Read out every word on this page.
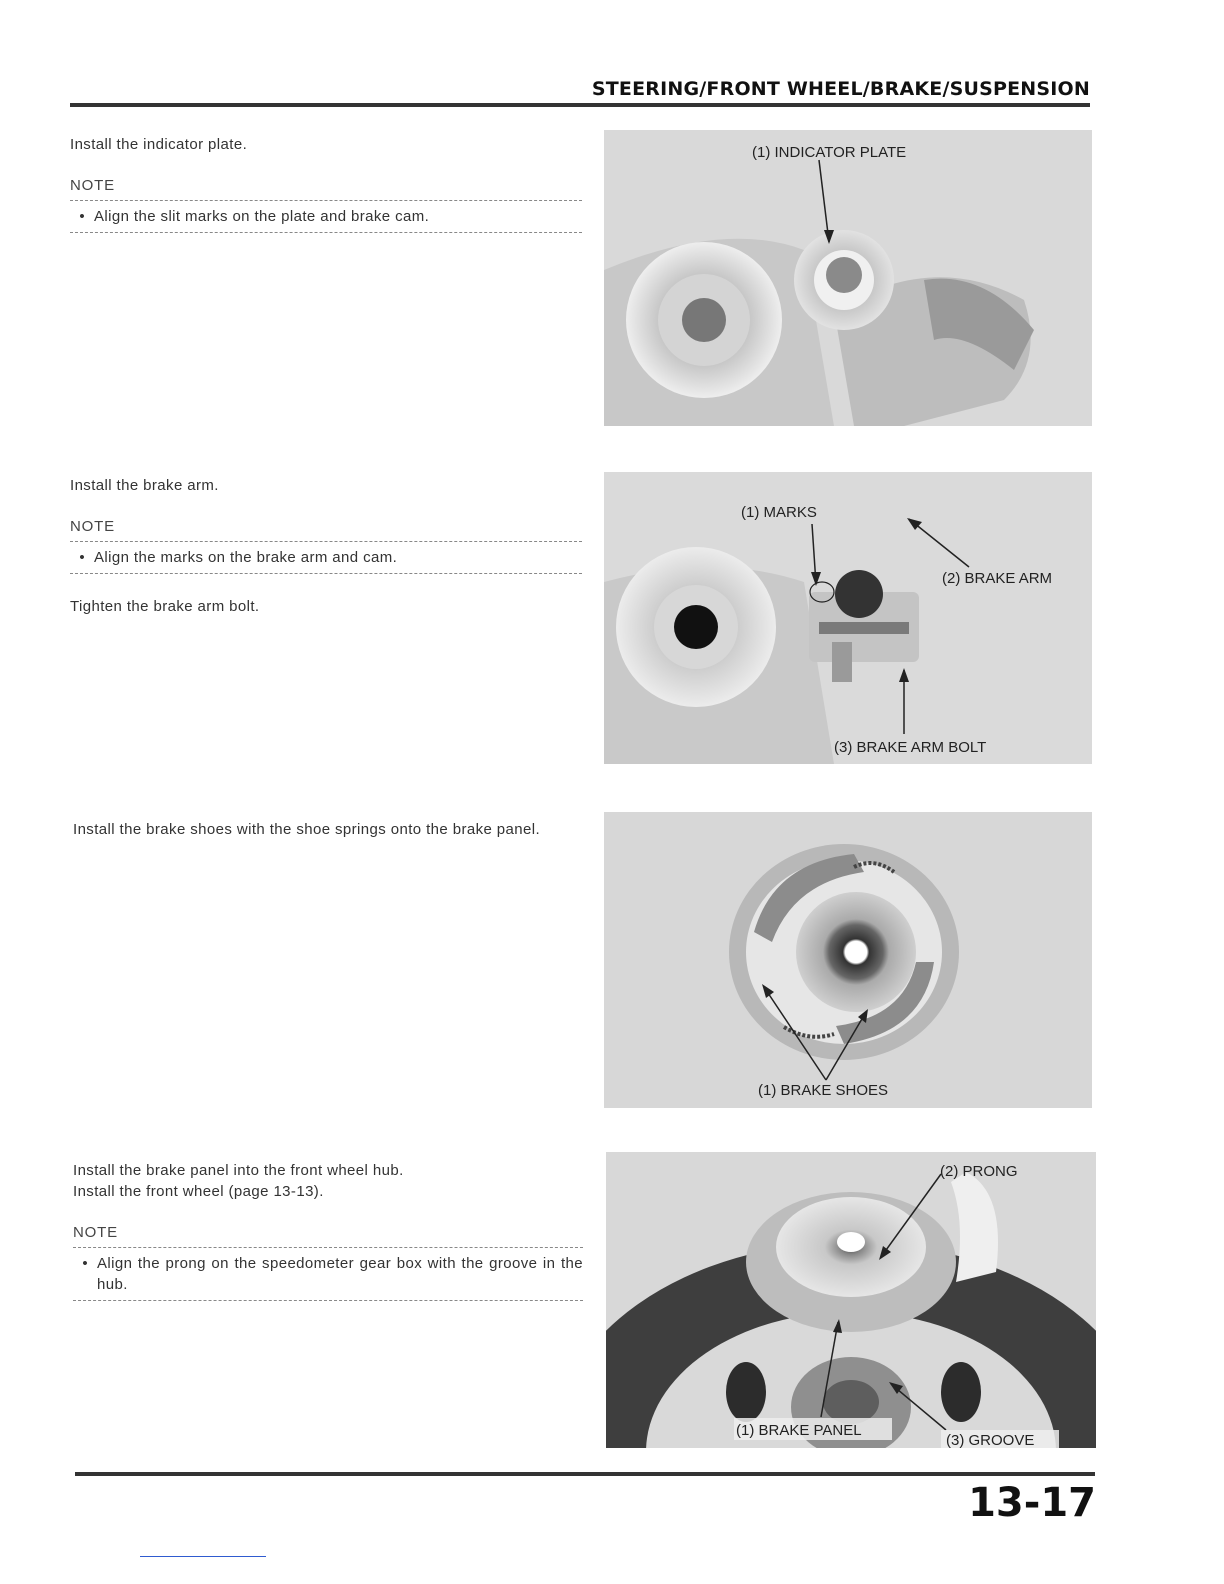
STEERING/FRONT WHEEL/BRAKE/SUSPENSION

Install the indicator plate.

NOTE

• Align the slit marks on the plate and brake cam.
(1) INDICATOR PLATE

Install the brake arm.

NOTE

• Align the marks on the brake arm and cam.

Tighten the brake arm bolt.

(1) MARKS
(2) BRAKE ARM
(3) BRAKE ARM BOLT

Install the brake shoes with the shoe springs onto the brake panel.

(1) BRAKE SHOES

Install the brake panel into the front wheel hub.

Install the front wheel (page 13-13).

NOTE

• Align the prong on the speedometer gear box with the groove in the hub.
(2) PRONG
(1) BRAKE PANEL
(3) GROOVE
13-17
